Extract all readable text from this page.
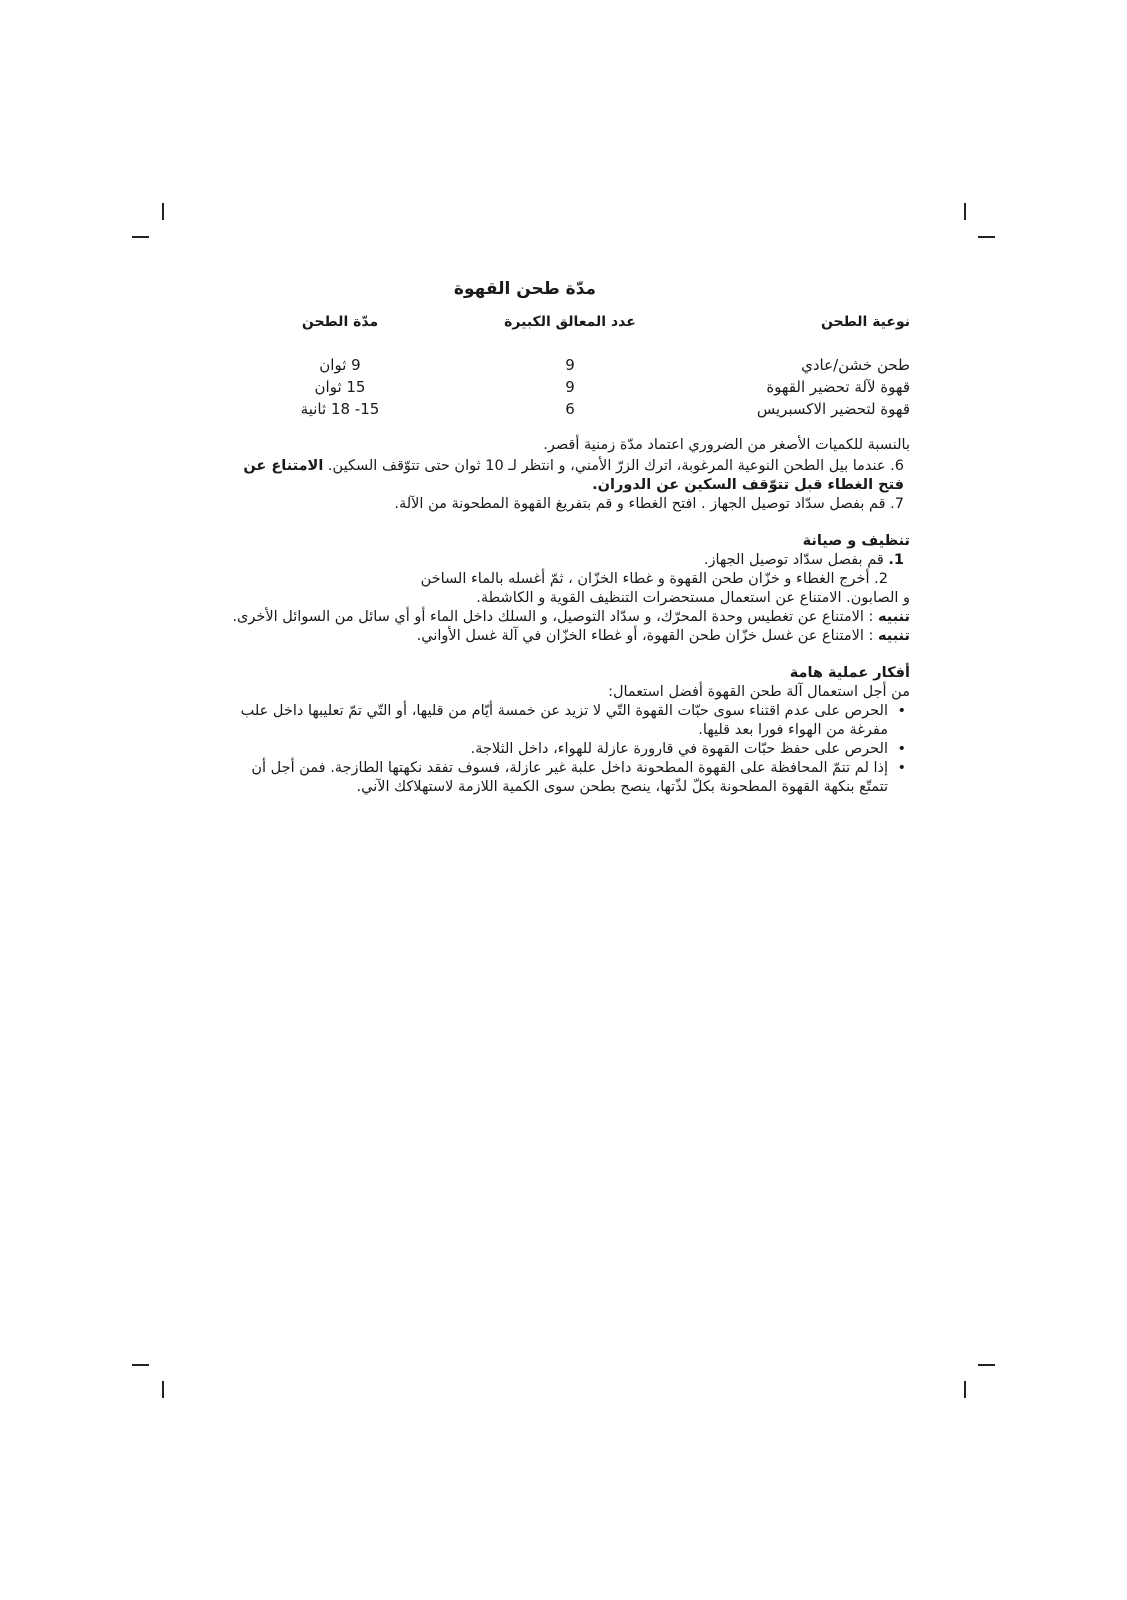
مدّة طحن القهوة
نوعية الطحن	عدد المعالق الكبيرة	مدّة الطحن
طحن خشن/عادي	9	9 ثوان
قهوة لآلة تحضير القهوة	9	15 ثوان
قهوة لتحضير الاكسبريس	6	15- 18 ثانية

بالنسبة للكميات الأصغر من الضروري اعتماد مدّة زمنية أقصر.

6. عندما بيل الطحن النوعية المرغوبة، اترك الزرّ الأمني، و انتظر لـ 10 ثوان حتى تتوّقف السكين. الامتناع عن فتح الغطاء قبل تتوّقف السكين عن الدوران.

7. قم بفصل سدّاد توصيل الجهاز . افتح الغطاء و قم بتفريغ القهوة المطحونة من الآلة.

تنظيف و صيانة

1. قم بفصل سدّاد توصيل الجهاز.

2. أخرج الغطاء و خزّان طحن القهوة و غطاء الخزّان ، ثمّ أغسله بالماء الساخن

و الصابون. الامتناع عن استعمال مستحضرات التنظيف القوية و الكاشطة.

تنبيه : الامتناع عن تغطيس وحدة المحرّك، و سدّاد التوصيل، و السلك داخل الماء أو أي سائل من السوائل الأخرى.

تنبيه : الامتناع عن غسل خزّان طحن القهوة، أو غطاء الخزّان في آلة غسل الأواني.

أفكار عملية هامة

من أجل استعمال آلة طحن القهوة أفضل استعمال:

• الحرص على عدم اقتناء سوى حبّات القهوة التّي لا تزيد عن خمسة أيّام من قليها، أو التّي تمّ تعليبها داخل علب مفرغة من الهواء فورا بعد قليها.
• الحرص على حفظ حبّات القهوة في قارورة عازلة للهواء، داخل الثلاجة.
• إذا لم تتمّ المحافظة على القهوة المطحونة داخل علبة غير عازلة، فسوف تفقد نكهتها الطازجة. فمن أجل أن تتمتّع بنكهة القهوة المطحونة بكلّ لذّتها، ينصح بطحن سوى الكمية اللازمة لاستهلاكك الآني.
